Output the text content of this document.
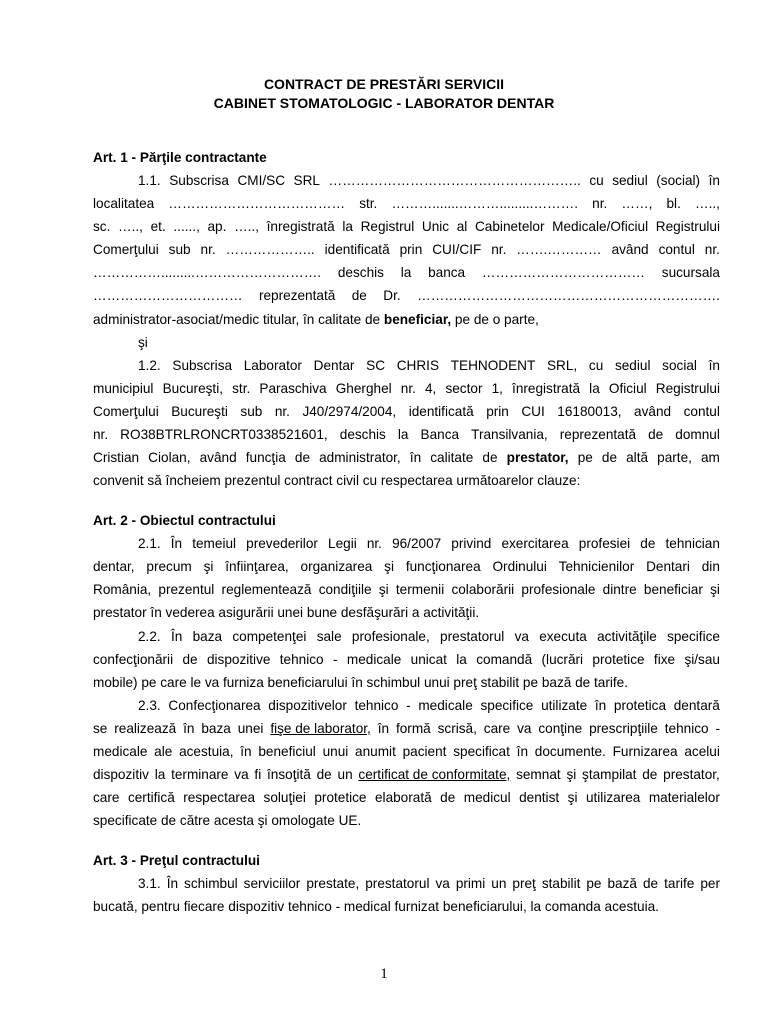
CONTRACT DE PRESTĂRI SERVICII
CABINET STOMATOLOGIC - LABORATOR DENTAR
Art. 1 - Părţile contractante
1.1. Subscrisa CMI/SC SRL ……………………………………………….. cu sediul (social) în
localitatea ………………………………… str. ……….......……….........………. nr. ……, bl. …..,
sc. ….., et. ......, ap. ….., înregistrată la Registrul Unic al Cabinetelor Medicale/Oficiul Registrului
Comerţului sub nr. ……………….. identificată prin CUI/CIF nr. …….………… având contul nr.
…………….........………………………. deschis la banca ……………………………… sucursala
…………………………… reprezentată de Dr. ………………………………………………………….
administrator-asociat/medic titular, în calitate de beneficiar, pe de o parte,
şi
1.2. Subscrisa Laborator Dentar SC CHRIS TEHNODENT SRL, cu sediul social în
municipiul Bucureşti, str. Paraschiva Gherghel nr. 4, sector 1, înregistrată la Oficiul Registrului
Comerţului Bucureşti sub nr. J40/2974/2004, identificată prin CUI 16180013, având contul
nr. RO38BTRLRONCRT0338521601, deschis la Banca Transilvania, reprezentată de domnul
Cristian Ciolan, având funcţia de administrator, în calitate de prestator, pe de altă parte, am
convenit să încheiem prezentul contract civil cu respectarea următoarelor clauze:
Art. 2 - Obiectul contractului
2.1. În temeiul prevederilor Legii nr. 96/2007 privind exercitarea profesiei de tehnician
dentar, precum şi înfiinţarea, organizarea şi funcţionarea Ordinului Tehnicienilor Dentari din
România, prezentul reglementează condiţiile şi termenii colaborării profesionale dintre beneficiar şi
prestator în vederea asigurării unei bune desfăşurări a activităţii.
2.2. În baza competenţei sale profesionale, prestatorul va executa activităţile specifice
confecţionării de dispozitive tehnico - medicale unicat la comandă (lucrări protetice fixe şi/sau
mobile) pe care le va furniza beneficiarului în schimbul unui preţ stabilit pe bază de tarife.
2.3. Confecţionarea dispozitivelor tehnico - medicale specifice utilizate în protetica dentară
se realizează în baza unei fişe de laborator, în formă scrisă, care va conţine prescripţiile tehnico -
medicale ale acestuia, în beneficiul unui anumit pacient specificat în documente. Furnizarea acelui
dispozitiv la terminare va fi însoţită de un certificat de conformitate, semnat şi ştampilat de prestator,
care certifică respectarea soluţiei protetice elaborată de medicul dentist şi utilizarea materialelor
specificate de către acesta şi omologate UE.
Art. 3 - Preţul contractului
3.1. În schimbul serviciilor prestate, prestatorul va primi un preţ stabilit pe bază de tarife per
bucată, pentru fiecare dispozitiv tehnico - medical furnizat beneficiarului, la comanda acestuia.
1
